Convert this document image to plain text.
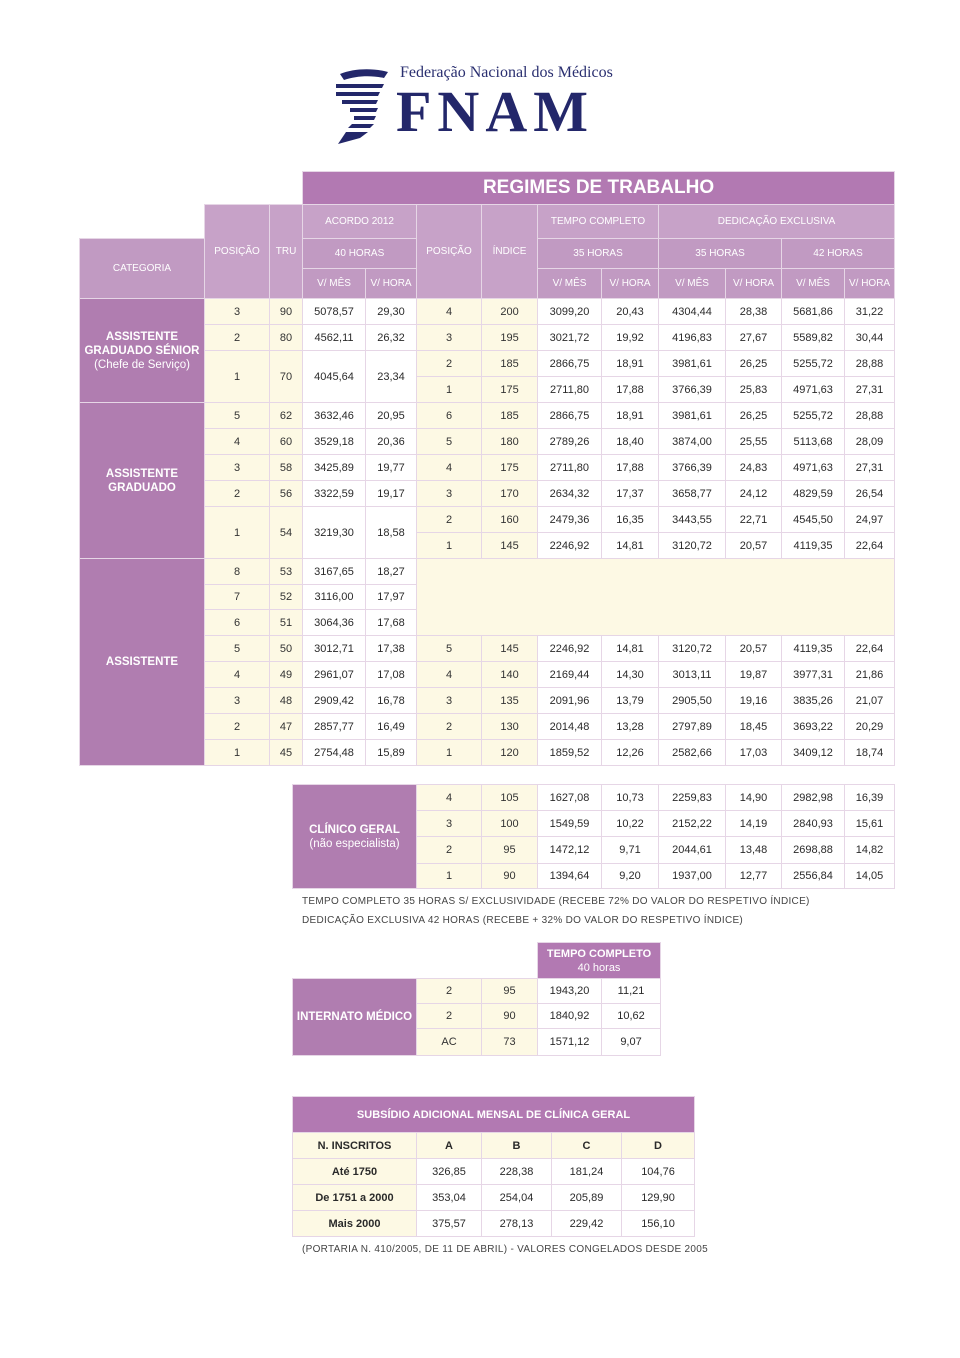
Federação Nacional dos Médicos
FNAM
			REGIMES DE TRABALHO									
	POSIÇÃO	TRU	ACORDO 2012		POSIÇÃO	ÍNDICE	TEMPO COMPLETO		DEDICAÇÃO EXCLUSIVA			
CATEGORIA			40 HORAS				35 HORAS		35 HORAS		42 HORAS	
			V/ MÊS	V/ HORA			V/ MÊS	V/ HORA	V/ MÊS	V/ HORA	V/ MÊS	V/ HORA
ASSISTENTE GRADUADO SÉNIOR
(Chefe de Serviço)	3	90	5078,57	29,30	4	200	3099,20	20,43	4304,44	28,38	5681,86	31,22
	2	80	4562,11	26,32	3	195	3021,72	19,92	4196,83	27,67	5589,82	30,44
	1	70	4045,64	23,34	2	185	2866,75	18,91	3981,61	26,25	5255,72	28,88
					1	175	2711,80	17,88	3766,39	25,83	4971,63	27,31
ASSISTENTE GRADUADO	5	62	3632,46	20,95	6	185	2866,75	18,91	3981,61	26,25	5255,72	28,88
	4	60	3529,18	20,36	5	180	2789,26	18,40	3874,00	25,55	5113,68	28,09
	3	58	3425,89	19,77	4	175	2711,80	17,88	3766,39	24,83	4971,63	27,31
	2	56	3322,59	19,17	3	170	2634,32	17,37	3658,77	24,12	4829,59	26,54
	1	54	3219,30	18,58	2	160	2479,36	16,35	3443,55	22,71	4545,50	24,97
					1	145	2246,92	14,81	3120,72	20,57	4119,35	22,64
ASSISTENTE	8	53	3167,65	18,27								
	7	52	3116,00	17,97								
	6	51	3064,36	17,68								
	5	50	3012,71	17,38	5	145	2246,92	14,81	3120,72	20,57	4119,35	22,64
	4	49	2961,07	17,08	4	140	2169,44	14,30	3013,11	19,87	3977,31	21,86
	3	48	2909,42	16,78	3	135	2091,96	13,79	2905,50	19,16	3835,26	21,07
	2	47	2857,77	16,49	2	130	2014,48	13,28	2797,89	18,45	3693,22	20,29
	1	45	2754,48	15,89	1	120	1859,52	12,26	2582,66	17,03	3409,12	18,74
CLÍNICO GERAL
(não especialista)	4	105	1627,08	10,73	2259,83	14,90	2982,98	16,39
	3	100	1549,59	10,22	2152,22	14,19	2840,93	15,61
	2	95	1472,12	9,71	2044,61	13,48	2698,88	14,82
	1	90	1394,64	9,20	1937,00	12,77	2556,84	14,05
TEMPO COMPLETO 35 HORAS S/ EXCLUSIVIDADE (RECEBE 72% DO VALOR DO RESPETIVO ÍNDICE)
DEDICAÇÃO EXCLUSIVA 42 HORAS (RECEBE + 32% DO VALOR DO RESPETIVO ÍNDICE)
			TEMPO COMPLETO
40 horas	
INTERNATO MÉDICO	2	95	1943,20	11,21
	2	90	1840,92	10,62
	AC	73	1571,12	9,07
SUBSÍDIO ADICIONAL MENSAL DE CLÍNICA GERAL				
N. INSCRITOS	A	B	C	D
Até 1750	326,85	228,38	181,24	104,76
De 1751 a 2000	353,04	254,04	205,89	129,90
Mais 2000	375,57	278,13	229,42	156,10
(PORTARIA N. 410/2005, DE 11 DE ABRIL) - VALORES CONGELADOS DESDE 2005
